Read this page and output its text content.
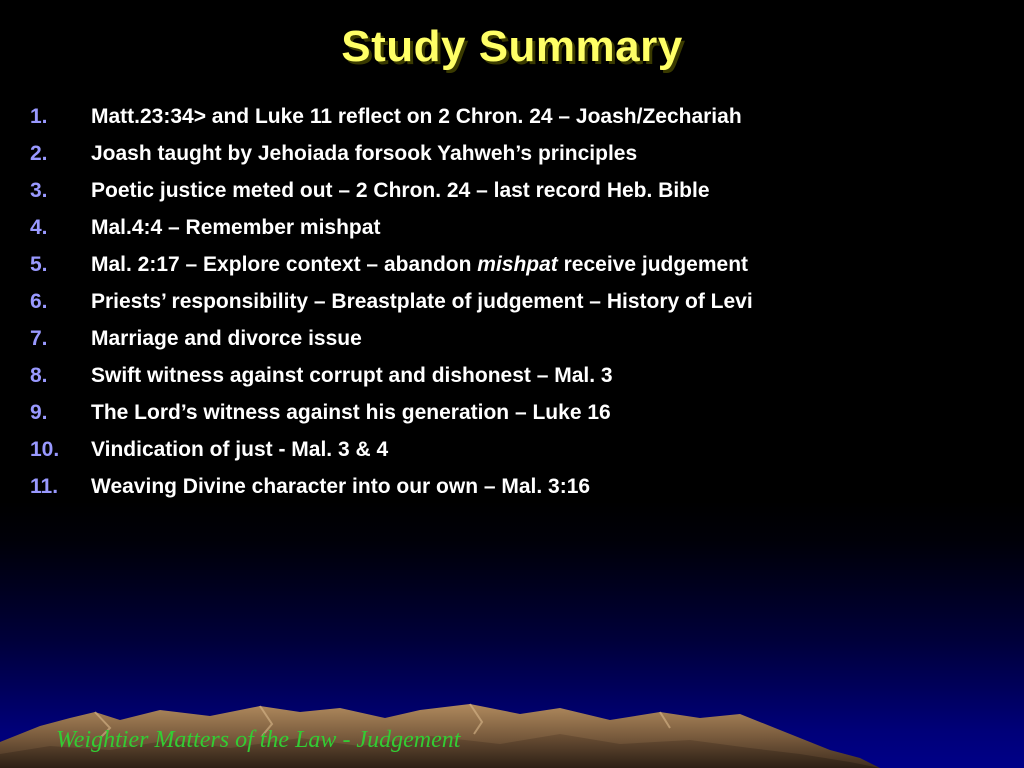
Study Summary
1. Matt.23:34> and Luke 11 reflect on 2 Chron. 24 – Joash/Zechariah
2. Joash taught by Jehoiada forsook Yahweh’s principles
3. Poetic justice meted out – 2 Chron. 24 – last record Heb. Bible
4. Mal.4:4 – Remember mishpat
5. Mal. 2:17 – Explore context – abandon mishpat receive judgement
6. Priests’ responsibility – Breastplate of judgement – History of Levi
7. Marriage and divorce issue
8. Swift witness against corrupt and dishonest – Mal. 3
9. The Lord’s witness against his generation – Luke 16
10. Vindication of just - Mal. 3 & 4
11. Weaving Divine character into our own – Mal. 3:16
Weightier Matters of the Law - Judgement
